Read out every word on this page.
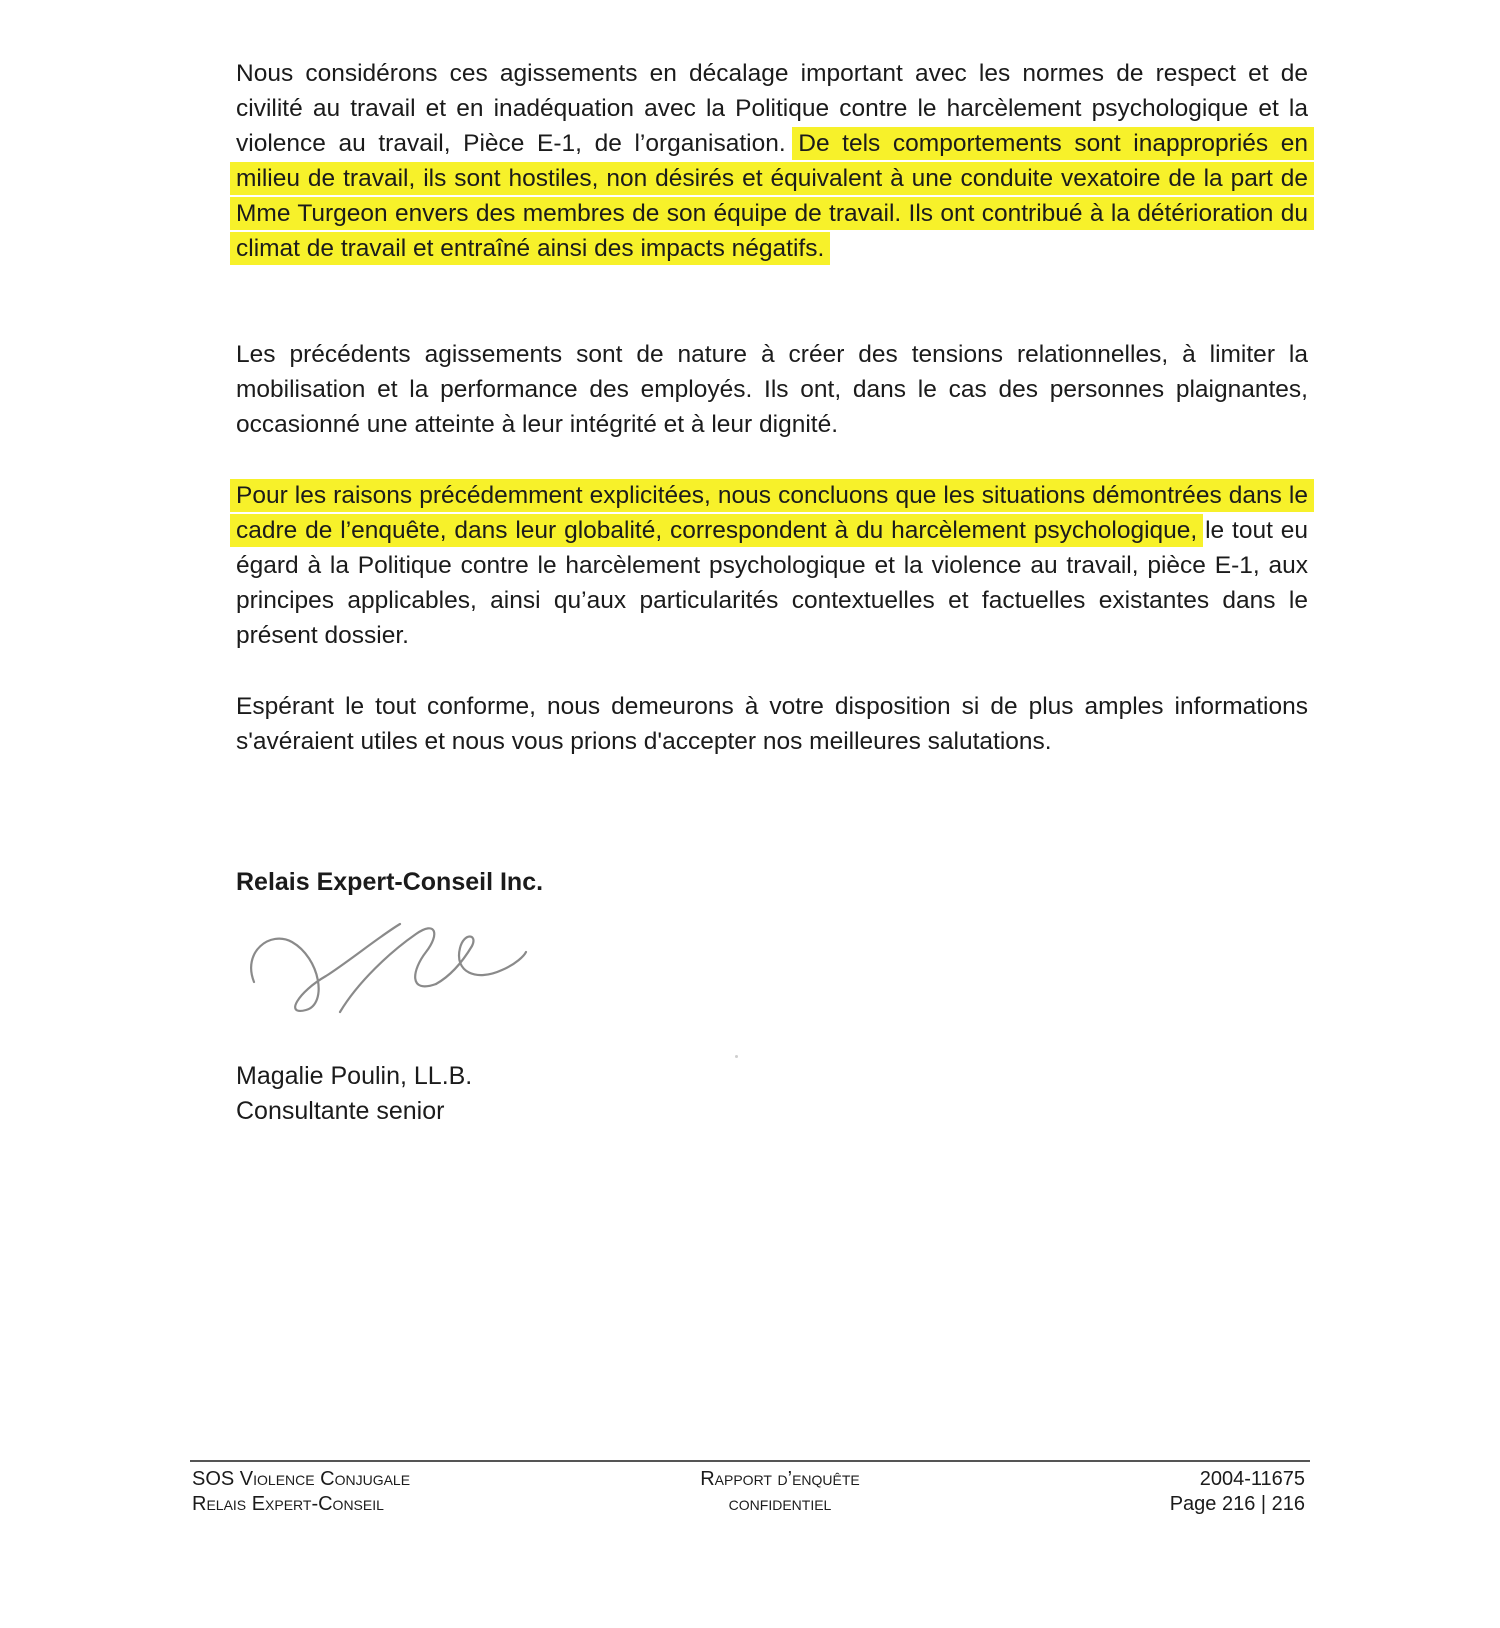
Nous considérons ces agissements en décalage important avec les normes de respect et de civilité au travail et en inadéquation avec la Politique contre le harcèlement psychologique et la violence au travail, Pièce E-1, de l’organisation. De tels comportements sont inappropriés en milieu de travail, ils sont hostiles, non désirés et équivalent à une conduite vexatoire de la part de Mme Turgeon envers des membres de son équipe de travail. Ils ont contribué à la détérioration du climat de travail et entraîné ainsi des impacts négatifs.

Les précédents agissements sont de nature à créer des tensions relationnelles, à limiter la mobilisation et la performance des employés. Ils ont, dans le cas des personnes plaignantes, occasionné une atteinte à leur intégrité et à leur dignité.

Pour les raisons précédemment explicitées, nous concluons que les situations démontrées dans le cadre de l’enquête, dans leur globalité, correspondent à du harcèlement psychologique, le tout eu égard à la Politique contre le harcèlement psychologique et la violence au travail, pièce E-1, aux principes applicables, ainsi qu’aux particularités contextuelles et factuelles existantes dans le présent dossier.

Espérant le tout conforme, nous demeurons à votre disposition si de plus amples informations s'avéraient utiles et nous vous prions d'accepter nos meilleures salutations.

Relais Expert-Conseil Inc.

Magalie Poulin, LL.B.
Consultante senior

SOS Violence Conjugale
Relais Expert-Conseil

Rapport d’enquête
confidentiel

2004-11675
Page 216 | 216
